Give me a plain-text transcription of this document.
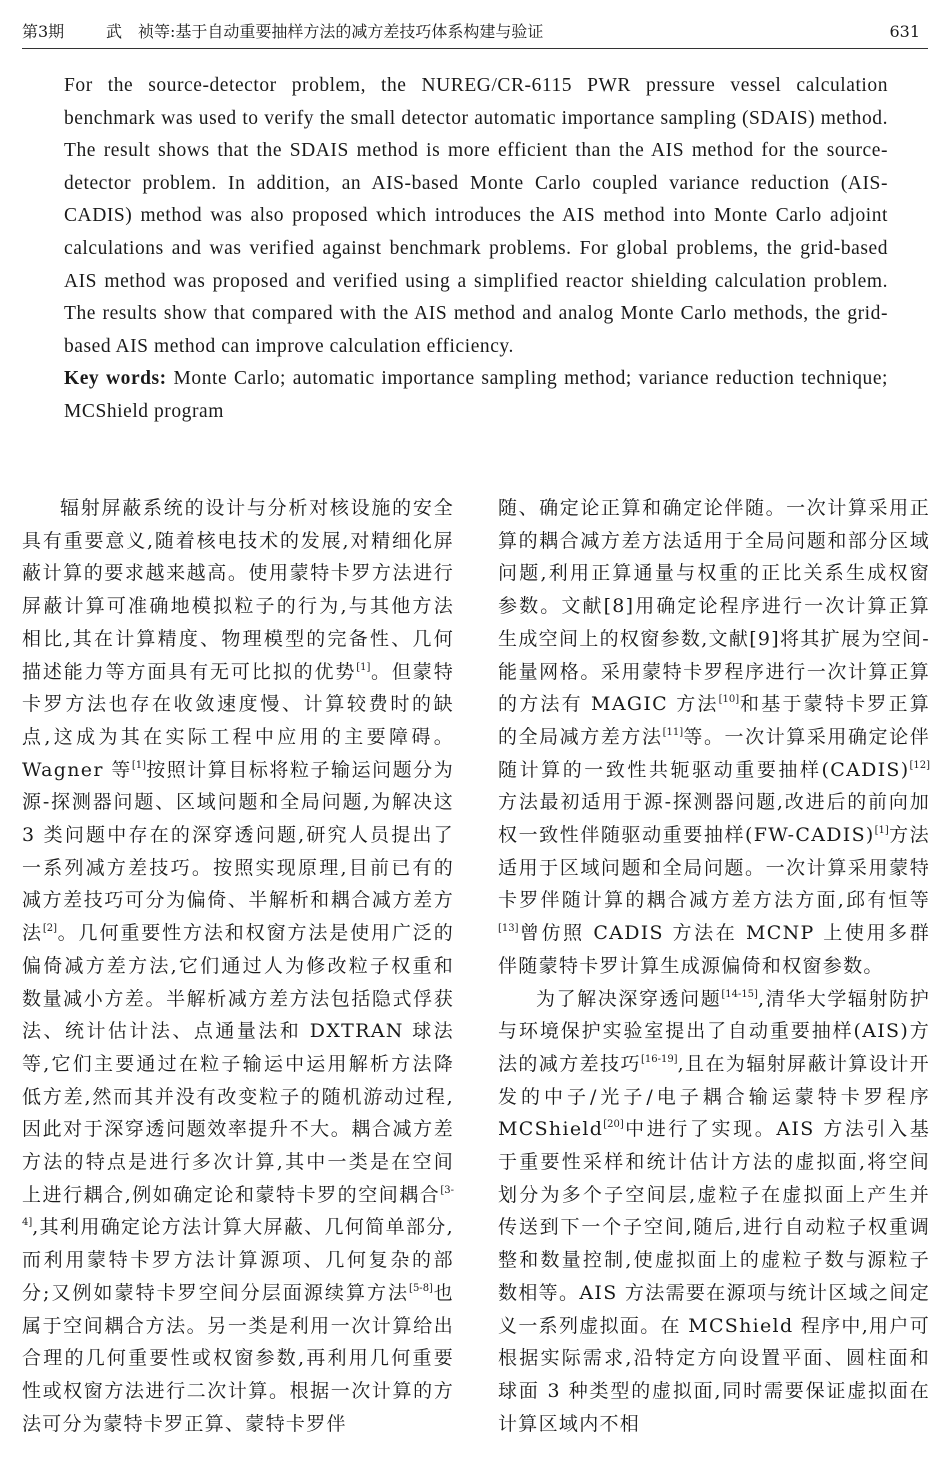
第3期	武　祯等:基于自动重要抽样方法的减方差技巧体系构建与验证	631

For the source-detector problem, the NUREG/CR-6115 PWR pressure vessel calculation benchmark was used to verify the small detector automatic importance sampling (SDAIS) method. The result shows that the SDAIS method is more efficient than the AIS method for the source-detector problem. In addition, an AIS-based Monte Carlo coupled variance reduction (AIS-CADIS) method was also proposed which introduces the AIS method into Monte Carlo adjoint calculations and was verified against benchmark problems. For global problems, the grid-based AIS method was proposed and verified using a simplified reactor shielding calculation problem. The results show that compared with the AIS method and analog Monte Carlo methods, the grid-based AIS method can improve calculation efficiency.

Key words: Monte Carlo; automatic importance sampling method; variance reduction technique; MCShield program

辐射屏蔽系统的设计与分析对核设施的安全具有重要意义,随着核电技术的发展,对精细化屏蔽计算的要求越来越高。使用蒙特卡罗方法进行屏蔽计算可准确地模拟粒子的行为,与其他方法相比,其在计算精度、物理模型的完备性、几何描述能力等方面具有无可比拟的优势[1]。但蒙特卡罗方法也存在收敛速度慢、计算较费时的缺点,这成为其在实际工程中应用的主要障碍。Wagner 等[1]按照计算目标将粒子输运问题分为源-探测器问题、区域问题和全局问题,为解决这 3 类问题中存在的深穿透问题,研究人员提出了一系列减方差技巧。按照实现原理,目前已有的减方差技巧可分为偏倚、半解析和耦合减方差方法[2]。几何重要性方法和权窗方法是使用广泛的偏倚减方差方法,它们通过人为修改粒子权重和数量减小方差。半解析减方差方法包括隐式俘获法、统计估计法、点通量法和 DXTRAN 球法等,它们主要通过在粒子输运中运用解析方法降低方差,然而其并没有改变粒子的随机游动过程,因此对于深穿透问题效率提升不大。耦合减方差方法的特点是进行多次计算,其中一类是在空间上进行耦合,例如确定论和蒙特卡罗的空间耦合[3-4],其利用确定论方法计算大屏蔽、几何简单部分,而利用蒙特卡罗方法计算源项、几何复杂的部分;又例如蒙特卡罗空间分层面源续算方法[5-8]也属于空间耦合方法。另一类是利用一次计算给出合理的几何重要性或权窗参数,再利用几何重要性或权窗方法进行二次计算。根据一次计算的方法可分为蒙特卡罗正算、蒙特卡罗伴

随、确定论正算和确定论伴随。一次计算采用正算的耦合减方差方法适用于全局问题和部分区域问题,利用正算通量与权重的正比关系生成权窗参数。文献[8]用确定论程序进行一次计算正算生成空间上的权窗参数,文献[9]将其扩展为空间-能量网格。采用蒙特卡罗程序进行一次计算正算的方法有 MAGIC 方法[10]和基于蒙特卡罗正算的全局减方差方法[11]等。一次计算采用确定论伴随计算的一致性共轭驱动重要抽样(CADIS)[12]方法最初适用于源-探测器问题,改进后的前向加权一致性伴随驱动重要抽样(FW-CADIS)[1]方法适用于区域问题和全局问题。一次计算采用蒙特卡罗伴随计算的耦合减方差方法方面,邱有恒等[13]曾仿照 CADIS 方法在 MCNP 上使用多群伴随蒙特卡罗计算生成源偏倚和权窗参数。

为了解决深穿透问题[14-15],清华大学辐射防护与环境保护实验室提出了自动重要抽样(AIS)方法的减方差技巧[16-19],且在为辐射屏蔽计算设计开发的中子/光子/电子耦合输运蒙特卡罗程序 MCShield[20]中进行了实现。AIS 方法引入基于重要性采样和统计估计方法的虚拟面,将空间划分为多个子空间层,虚粒子在虚拟面上产生并传送到下一个子空间,随后,进行自动粒子权重调整和数量控制,使虚拟面上的虚粒子数与源粒子数相等。AIS 方法需要在源项与统计区域之间定义一系列虚拟面。在 MCShield 程序中,用户可根据实际需求,沿特定方向设置平面、圆柱面和球面 3 种类型的虚拟面,同时需要保证虚拟面在计算区域内不相
